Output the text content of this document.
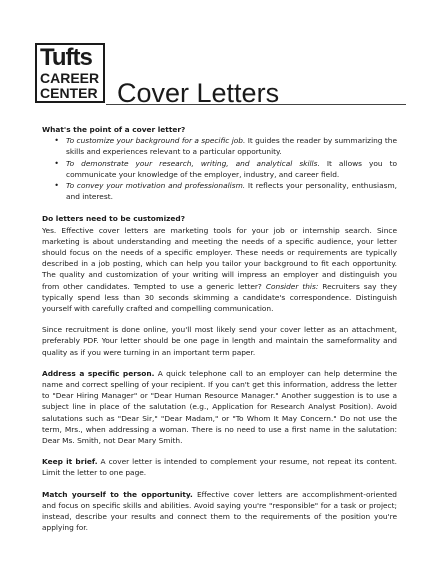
Tufts
CAREER
CENTER Cover Letters

What's the point of a cover letter?

• To customize your background for a specific job. It guides the reader by summarizing the skills and experiences relevant to a particular opportunity.
• To demonstrate your research, writing, and analytical skills. It allows you to communicate your knowledge of the employer, industry, and career field.
• To convey your motivation and professionalism. It reflects your personality, enthusiasm, and interest.

Do letters need to be customized?

Yes. Effective cover letters are marketing tools for your job or internship search. Since marketing is about understanding and meeting the needs of a specific audience, your letter should focus on the needs of a specific employer. These needs or requirements are typically described in a job posting, which can help you tailor your background to fit each opportunity. The quality and customization of your writing will impress an employer and distinguish you from other candidates. Tempted to use a generic letter? Consider this: Recruiters say they typically spend less than 30 seconds skimming a candidate's correspondence. Distinguish yourself with carefully crafted and compelling communication.

Since recruitment is done online, you'll most likely send your cover letter as an attachment, preferably PDF. Your letter should be one page in length and maintain the sameformality and quality as if you were turning in an important term paper.

Address a specific person. A quick telephone call to an employer can help determine the name and correct spelling of your recipient. If you can't get this information, address the letter to "Dear Hiring Manager" or "Dear Human Resource Manager." Another suggestion is to use a subject line in place of the salutation (e.g., Application for Research Analyst Position). Avoid salutations such as "Dear Sir," "Dear Madam," or "To Whom It May Concern." Do not use the term, Mrs., when addressing a woman. There is no need to use a first name in the salutation: Dear Ms. Smith, not Dear Mary Smith.

Keep it brief. A cover letter is intended to complement your resume, not repeat its content. Limit the letter to one page.

Match yourself to the opportunity. Effective cover letters are accomplishment-oriented and focus on specific skills and abilities. Avoid saying you're "responsible" for a task or project; instead, describe your results and connect them to the requirements of the position you're applying for.
